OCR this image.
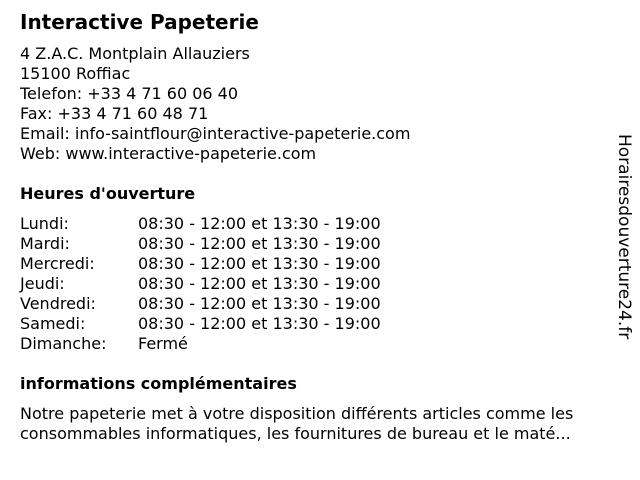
Interactive Papeterie
4 Z.A.C. Montplain Allauziers
15100 Roffiac
Telefon: +33 4 71 60 06 40
Fax: +33 4 71 60 48 71
Email: info-saintflour@interactive-papeterie.com
Web: www.interactive-papeterie.com
Heures d'ouverture
Lundi:	08:30 - 12:00 et 13:30 - 19:00
Mardi:	08:30 - 12:00 et 13:30 - 19:00
Mercredi:	08:30 - 12:00 et 13:30 - 19:00
Jeudi:	08:30 - 12:00 et 13:30 - 19:00
Vendredi:	08:30 - 12:00 et 13:30 - 19:00
Samedi:	08:30 - 12:00 et 13:30 - 19:00
Dimanche:	Fermé
informations complémentaires
Notre papeterie met à votre disposition différents articles comme les consommables informatiques, les fournitures de bureau et le maté...
Horairesdouverture24.fr
